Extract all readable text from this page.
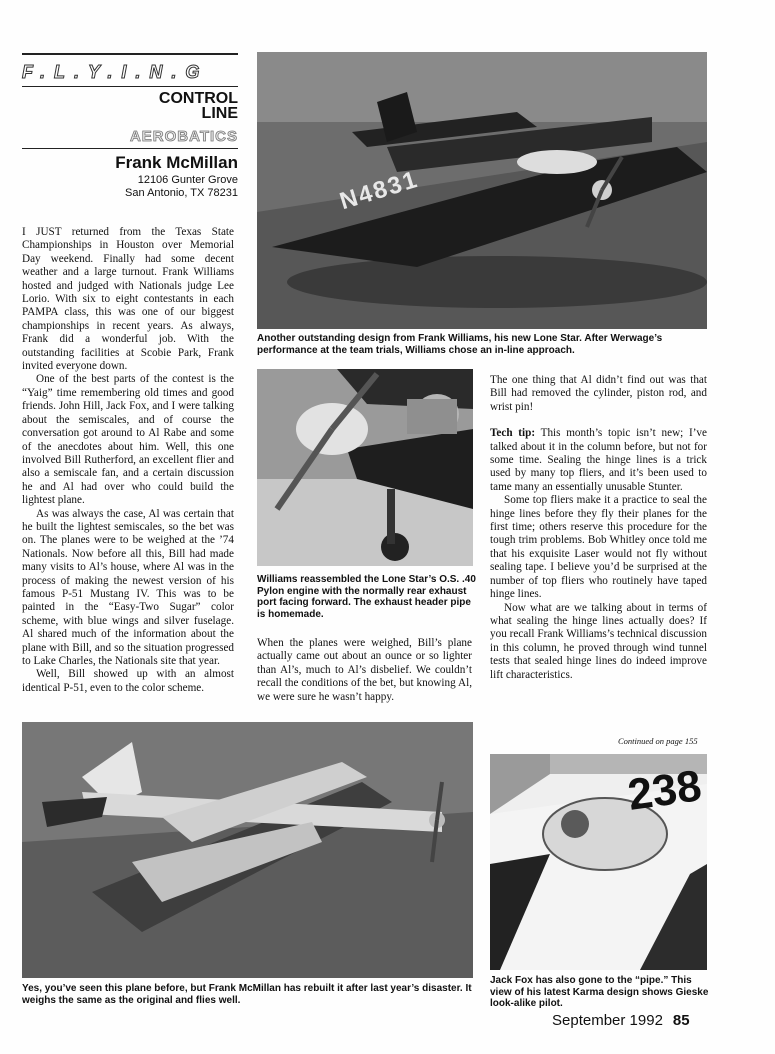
F.L.Y.I.N.G
CONTROL
LINE
AEROBATICS
Frank McMillan
12106 Gunter Grove
San Antonio, TX 78231

I JUST returned from the Texas State Championships in Houston over Memorial Day weekend. Finally had some decent weather and a large turnout. Frank Williams hosted and judged with Nationals judge Lee Lorio. With six to eight contestants in each PAMPA class, this was one of our biggest championships in recent years. As always, Frank did a wonderful job. With the outstanding facilities at Scobie Park, Frank invited everyone down.

One of the best parts of the contest is the “Yaig” time remembering old times and good friends. John Hill, Jack Fox, and I were talking about the semiscales, and of course the conversation got around to Al Rabe and some of the anecdotes about him. Well, this one involved Bill Rutherford, an excellent flier and also a semiscale fan, and a certain discussion he and Al had over who could build the lightest plane.

As was always the case, Al was certain that he built the lightest semiscales, so the bet was on. The planes were to be weighed at the ’74 Nationals. Now before all this, Bill had made many visits to Al’s house, where Al was in the process of making the newest version of his famous P-51 Mustang IV. This was to be painted in the “Easy-Two Sugar” color scheme, with blue wings and silver fuselage. Al shared much of the information about the plane with Bill, and so the situation progressed to Lake Charles, the Nationals site that year.

Well, Bill showed up with an almost identical P-51, even to the color scheme.

N4831
Another outstanding design from Frank Williams, his new Lone Star. After Werwage’s performance at the team trials, Williams chose an in-line approach.
Williams reassembled the Lone Star’s O.S. .40 Pylon engine with the normally rear exhaust port facing forward. The exhaust header pipe is homemade.

When the planes were weighed, Bill’s plane actually came out about an ounce or so lighter than Al’s, much to Al’s disbelief. We couldn’t recall the conditions of the bet, but knowing Al, we were sure he wasn’t happy.

The one thing that Al didn’t find out was that Bill had removed the cylinder, piston rod, and wrist pin!

Tech tip: This month’s topic isn’t new; I’ve talked about it in the column before, but not for some time. Sealing the hinge lines is a trick used by many top fliers, and it’s been used to tame many an essentially unusable Stunter.

Some top fliers make it a practice to seal the hinge lines before they fly their planes for the first time; others reserve this procedure for the tough trim problems. Bob Whitley once told me that his exquisite Laser would not fly without sealing tape. I believe you’d be surprised at the number of top fliers who routinely have taped hinge lines.

Now what are we talking about in terms of what sealing the hinge lines actually does? If you recall Frank Williams’s technical discussion in this column, he proved through wind tunnel tests that sealed hinge lines do indeed improve lift characteristics.

Continued on page 155
Yes, you’ve seen this plane before, but Frank McMillan has rebuilt it after last year’s disaster. It weighs the same as the original and flies well.
238
Jack Fox has also gone to the “pipe.” This view of his latest Karma design shows Gieske look-alike pilot.
September 1992 85
